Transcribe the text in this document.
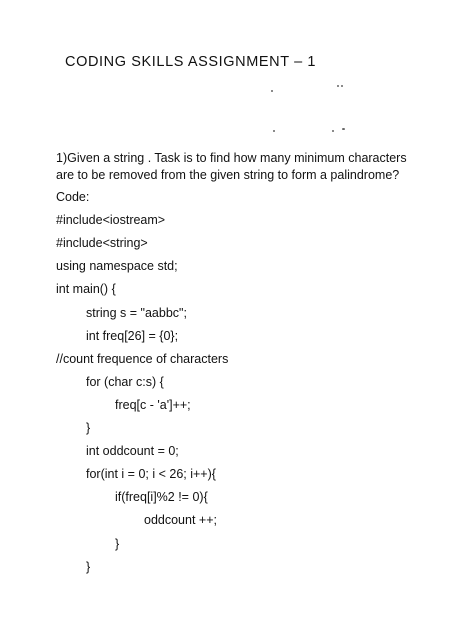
CODING SKILLS ASSIGNMENT – 1
1)Given a string . Task is to find how many minimum characters
are to be removed from the given string to form a palindrome?
Code:
#include<iostream>
#include<string>
using namespace std;
int main() {
string s = "aabbc";
int freq[26] = {0};
//count frequence of characters
for (char c:s) {
freq[c - 'a']++;
}
int oddcount = 0;
for(int i = 0; i < 26; i++){
if(freq[i]%2 != 0){
oddcount ++;
}
}
